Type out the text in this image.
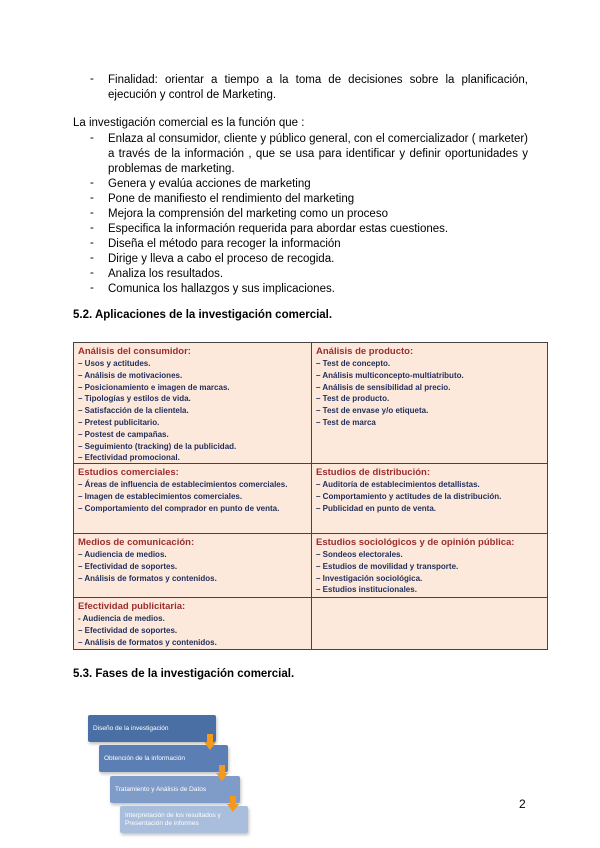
- Finalidad: orientar a tiempo a la toma de decisiones sobre la planificación, ejecución y control de Marketing.
La investigación comercial es la función que :
- Enlaza al consumidor, cliente y público general, con el comercializador ( marketer) a través de la información , que se usa para identificar y definir oportunidades y problemas de marketing.
- Genera y evalúa acciones de marketing
- Pone de manifiesto el rendimiento del marketing
- Mejora la comprensión del marketing como un proceso
- Especifica la información requerida para abordar estas cuestiones.
- Diseña el método para recoger la información
- Dirige y lleva a cabo el proceso de recogida.
- Analiza los resultados.
- Comunica los hallazgos y sus implicaciones.
5.2. Aplicaciones de la investigación comercial.
Análisis del consumidor:
– Usos y actitudes.
– Análisis de motivaciones.
– Posicionamiento e imagen de marcas.
– Tipologías y estilos de vida.
– Satisfacción de la clientela.
– Pretest publicitario.
– Postest de campañas.
– Seguimiento (tracking) de la publicidad.
– Efectividad promocional.
Análisis de producto:
– Test de concepto.
– Análisis multiconcepto-multiatributo.
– Análisis de sensibilidad al precio.
– Test de producto.
– Test de envase y/o etiqueta.
– Test de marca
Estudios comerciales:
– Áreas de influencia de establecimientos comerciales.
– Imagen de establecimientos comerciales.
– Comportamiento del comprador en punto de venta.
Estudios de distribución:
– Auditoría de establecimientos detallistas.
– Comportamiento y actitudes de la distribución.
– Publicidad en punto de venta.
Medios de comunicación:
– Audiencia de medios.
– Efectividad de soportes.
– Análisis de formatos y contenidos.
Estudios sociológicos y de opinión pública:
– Sondeos electorales.
– Estudios de movilidad y transporte.
– Investigación sociológica.
– Estudios institucionales.
Efectividad publicitaria:
- Audiencia de medios.
– Efectividad de soportes.
– Análisis de formatos y contenidos.
5.3. Fases de la investigación comercial.
Diseño de la investigación
Obtención de la información
Tratamiento y Análisis de Datos
Interpretación de los resultados y Presentación de informes
2
